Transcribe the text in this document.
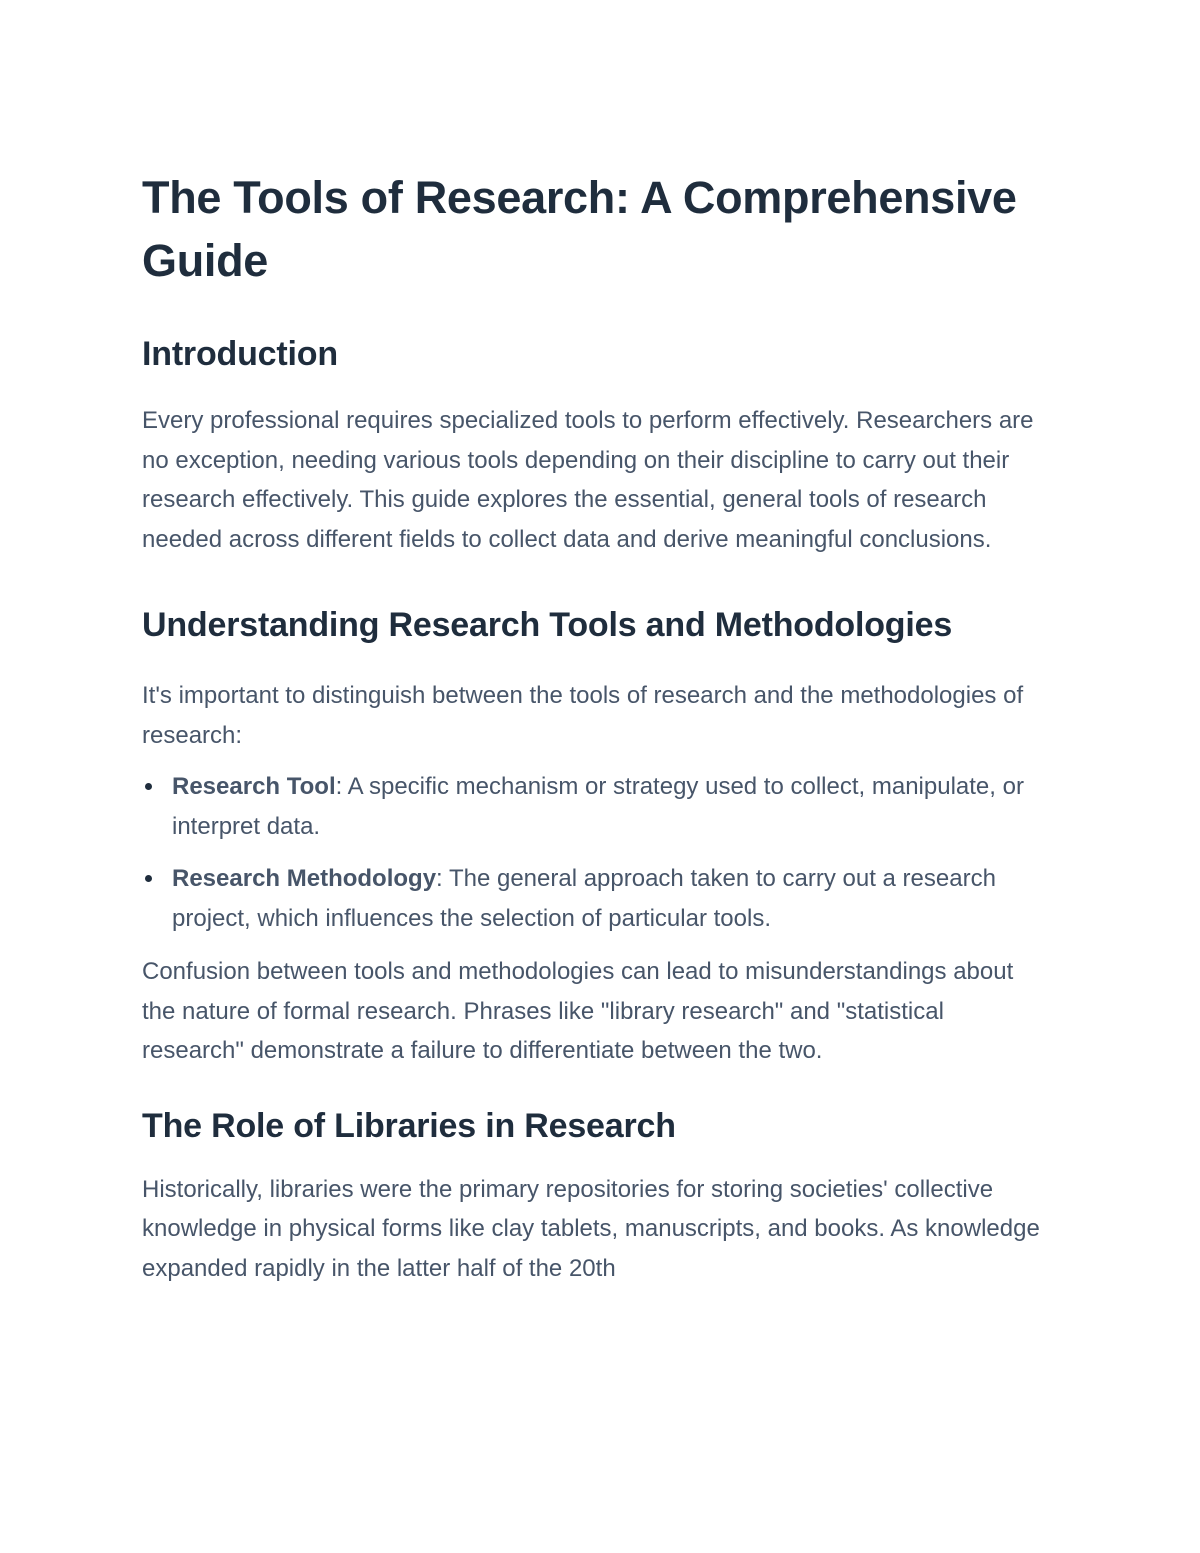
The Tools of Research: A Comprehensive Guide
Introduction

Every professional requires specialized tools to perform effectively. Researchers are no exception, needing various tools depending on their discipline to carry out their research effectively. This guide explores the essential, general tools of research needed across different fields to collect data and derive meaningful conclusions.

Understanding Research Tools and Methodologies

It's important to distinguish between the tools of research and the methodologies of research:

Research Tool: A specific mechanism or strategy used to collect, manipulate, or interpret data.
Research Methodology: The general approach taken to carry out a research project, which influences the selection of particular tools.

Confusion between tools and methodologies can lead to misunderstandings about the nature of formal research. Phrases like "library research" and "statistical research" demonstrate a failure to differentiate between the two.

The Role of Libraries in Research

Historically, libraries were the primary repositories for storing societies' collective knowledge in physical forms like clay tablets, manuscripts, and books. As knowledge expanded rapidly in the latter half of the 20th
